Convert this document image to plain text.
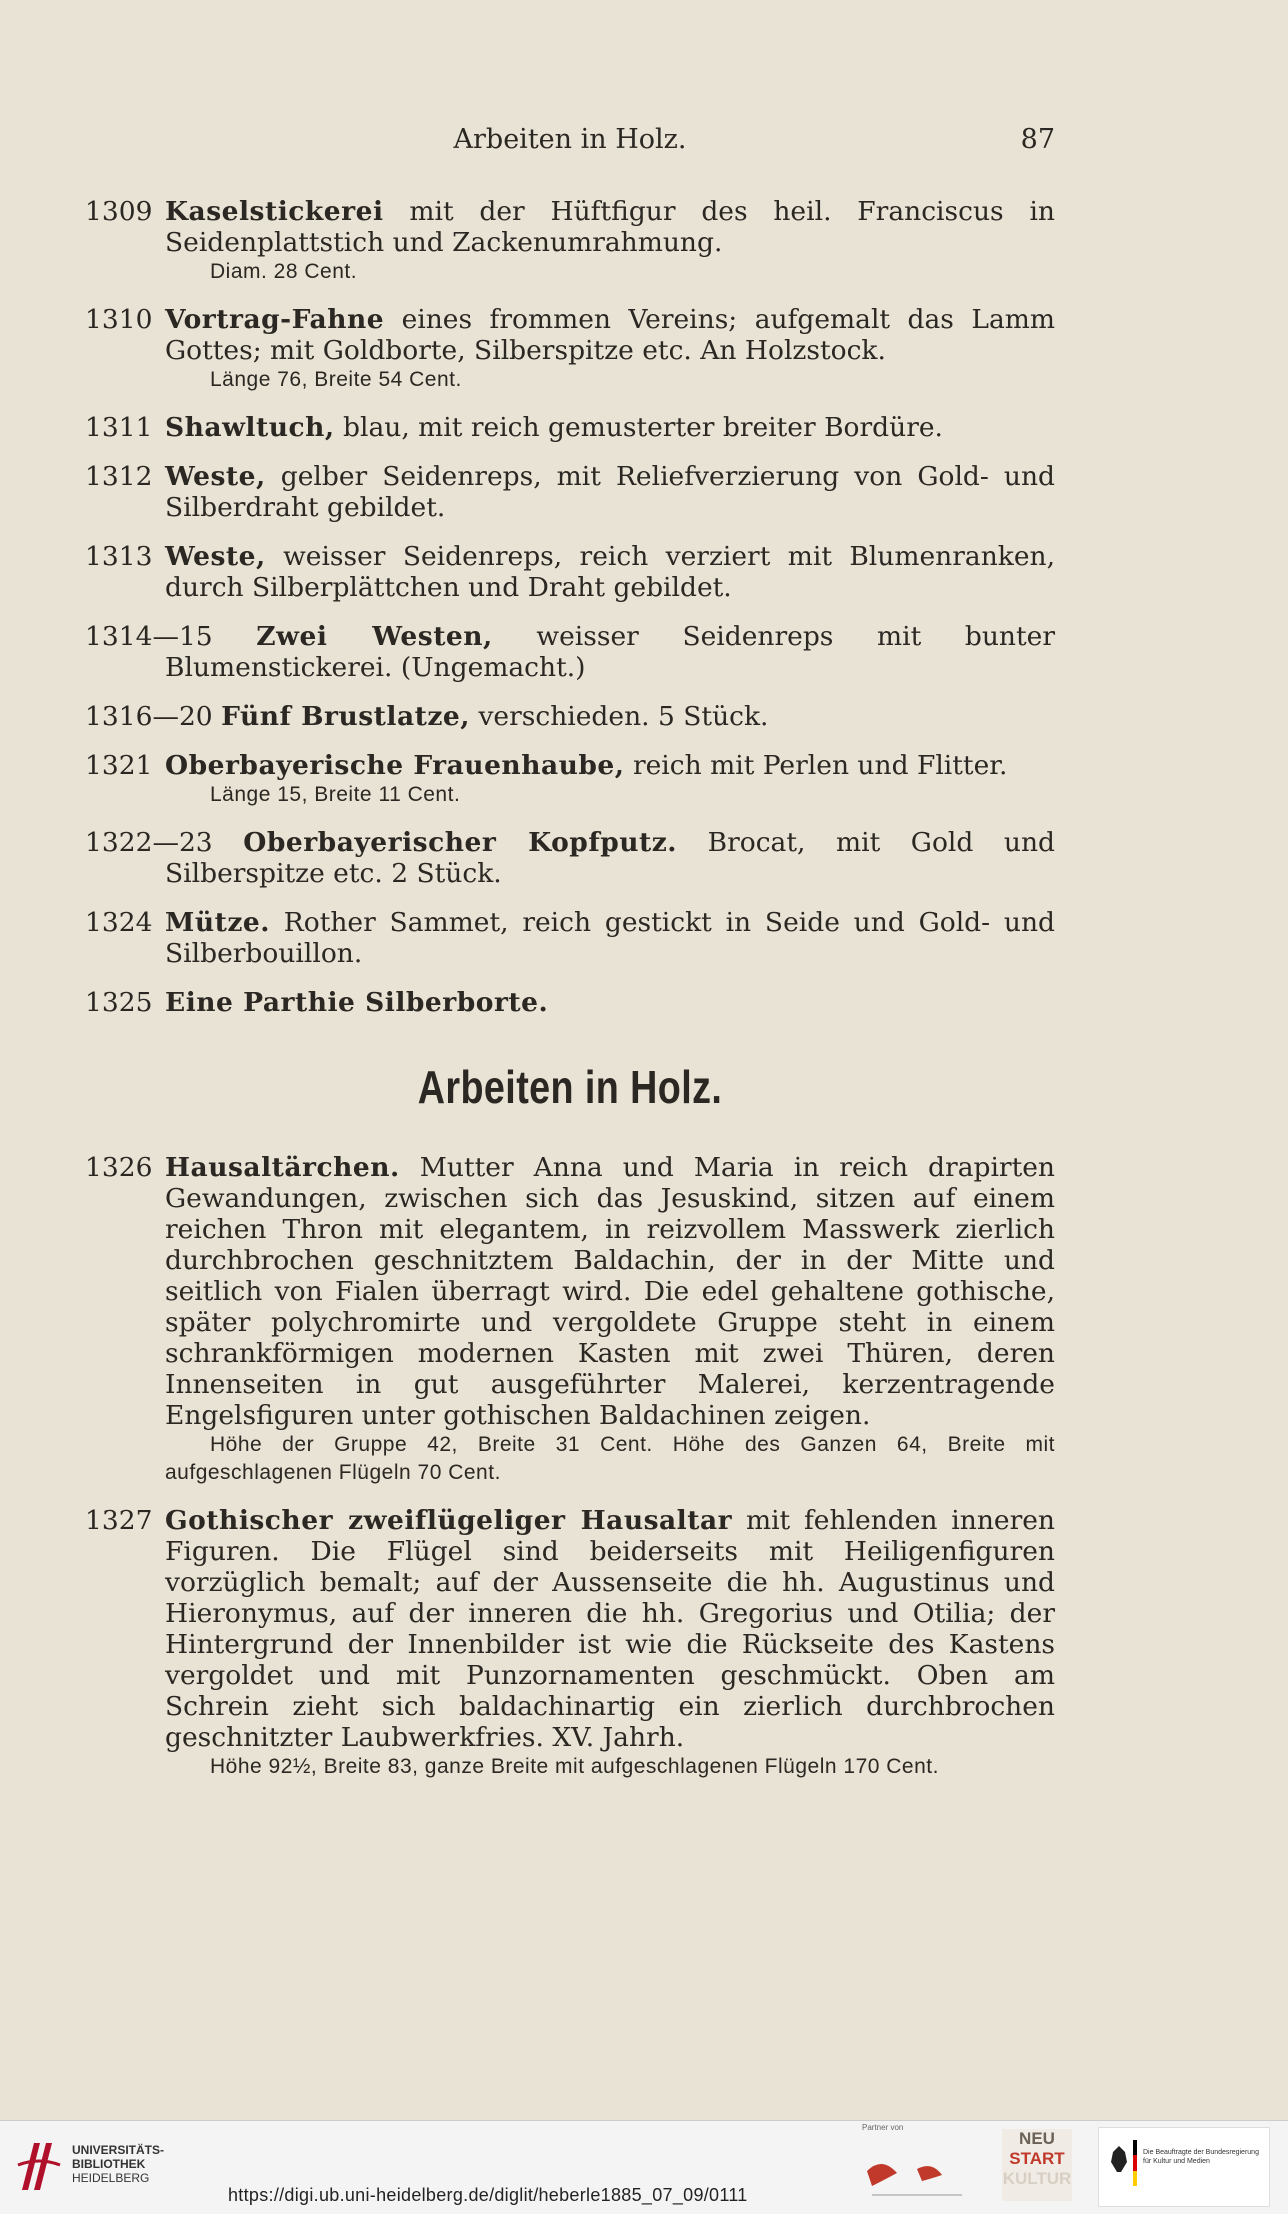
Arbeiten in Holz.	87
1309 Kaselstickerei mit der Hüftfigur des heil. Franciscus in Seidenplattstich und Zackenumrahmung.
Diam. 28 Cent.
1310 Vortrag-Fahne eines frommen Vereins; aufgemalt das Lamm Gottes; mit Goldborte, Silberspitze etc. An Holzstock.
Länge 76, Breite 54 Cent.
1311 Shawltuch, blau, mit reich gemusterter breiter Bordüre.
1312 Weste, gelber Seidenreps, mit Reliefverzierung von Gold- und Silberdraht gebildet.
1313 Weste, weisser Seidenreps, reich verziert mit Blumenranken, durch Silberplättchen und Draht gebildet.
1314—15 Zwei Westen, weisser Seidenreps mit bunter Blumenstickerei. (Ungemacht.)
1316—20 Fünf Brustlatze, verschieden. 5 Stück.
1321 Oberbayerische Frauenhaube, reich mit Perlen und Flitter.
Länge 15, Breite 11 Cent.
1322—23 Oberbayerischer Kopfputz. Brocat, mit Gold und Silberspitze etc. 2 Stück.
1324 Mütze. Rother Sammet, reich gestickt in Seide und Gold- und Silberbouillon.
1325 Eine Parthie Silberborte.
Arbeiten in Holz.
1326 Hausaltärchen. Mutter Anna und Maria in reich drapirten Gewandungen, zwischen sich das Jesuskind, sitzen auf einem reichen Thron mit elegantem, in reizvollem Masswerk zierlich durchbrochen geschnitztem Baldachin, der in der Mitte und seitlich von Fialen überragt wird. Die edel gehaltene gothische, später polychromirte und vergoldete Gruppe steht in einem schrankförmigen modernen Kasten mit zwei Thüren, deren Innenseiten in gut ausgeführter Malerei, kerzentragende Engelsfiguren unter gothischen Baldachinen zeigen.
Höhe der Gruppe 42, Breite 31 Cent. Höhe des Ganzen 64, Breite mit aufgeschlagenen Flügeln 70 Cent.
1327 Gothischer zweiflügeliger Hausaltar mit fehlenden inneren Figuren. Die Flügel sind beiderseits mit Heiligenfiguren vorzüglich bemalt; auf der Aussenseite die hh. Augustinus und Hieronymus, auf der inneren die hh. Gregorius und Otilia; der Hintergrund der Innenbilder ist wie die Rückseite des Kastens vergoldet und mit Punzornamenten geschmückt. Oben am Schrein zieht sich baldachinartig ein zierlich durchbrochen geschnitzter Laubwerkfries. XV. Jahrh.
Höhe 92½, Breite 83, ganze Breite mit aufgeschlagenen Flügeln 170 Cent.
UNIVERSITÄTS-
BIBLIOTHEK
HEIDELBERG
https://digi.ub.uni-heidelberg.de/diglit/heberle1885_07_09/0111
Partner von
NEU
START
KULTUR
Die Beauftragte der Bundesregierung für Kultur und Medien
